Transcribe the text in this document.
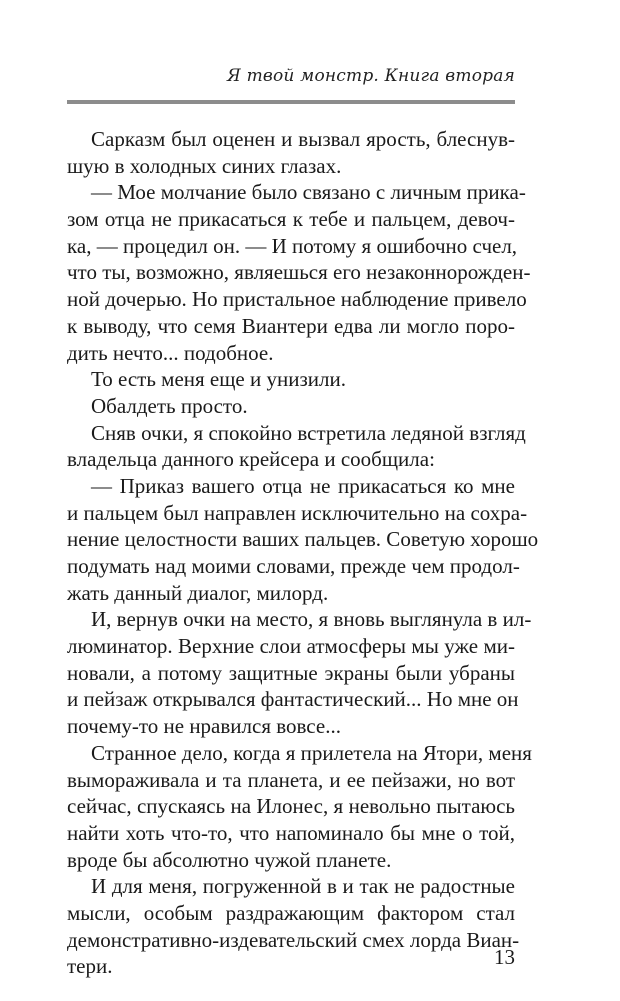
Я твой монстр. Книга вторая
Сарказм был оценен и вызвал ярость, блеснув-
шую в холодных синих глазах.
— Мое молчание было связано с личным прика-
зом отца не прикасаться к тебе и пальцем, девоч-
ка, — процедил он. — И потому я ошибочно счел,
что ты, возможно, являешься его незаконнорожден-
ной дочерью. Но пристальное наблюдение привело
к выводу, что семя Виантери едва ли могло поро-
дить нечто... подобное.
То есть меня еще и унизили.
Обалдеть просто.
Сняв очки, я спокойно встретила ледяной взгляд
владельца данного крейсера и сообщила:
— Приказ вашего отца не прикасаться ко мне
и пальцем был направлен исключительно на сохра-
нение целостности ваших пальцев. Советую хорошо
подумать над моими словами, прежде чем продол-
жать данный диалог, милорд.
И, вернув очки на место, я вновь выглянула в ил-
люминатор. Верхние слои атмосферы мы уже ми-
новали, а потому защитные экраны были убраны
и пейзаж открывался фантастический... Но мне он
почему-то не нравился вовсе...
Странное дело, когда я прилетела на Ятори, меня
вымораживала и та планета, и ее пейзажи, но вот
сейчас, спускаясь на Илонес, я невольно пытаюсь
найти хоть что-то, что напоминало бы мне о той,
вроде бы абсолютно чужой планете.
И для меня, погруженной в и так не радостные
мысли, особым раздражающим фактором стал
демонстративно-издевательский смех лорда Виан-
тери.	13
